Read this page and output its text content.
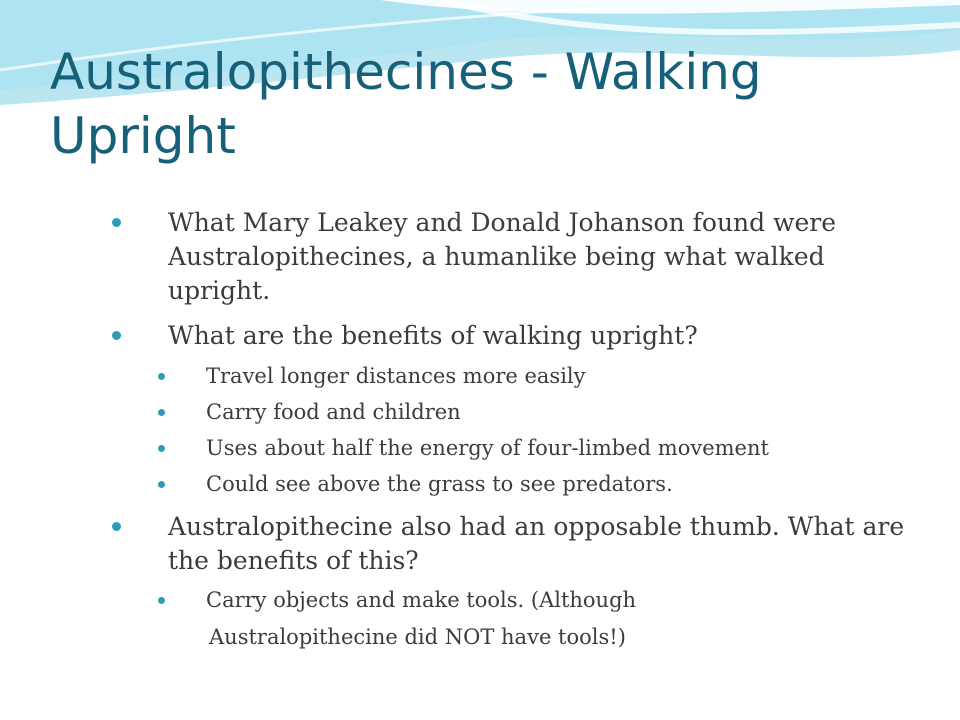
Australopithecines - Walking Upright
What Mary Leakey and Donald Johanson found were Australopithecines, a humanlike being what walked upright.
What are the benefits of walking upright?
Travel longer distances more easily
Carry food and children
Uses about half the energy of four-limbed movement
Could see above the grass to see predators.
Australopithecine also had an opposable thumb. What are the benefits of this?
Carry objects and make tools. (Although
Australopithecine did NOT have tools!)
